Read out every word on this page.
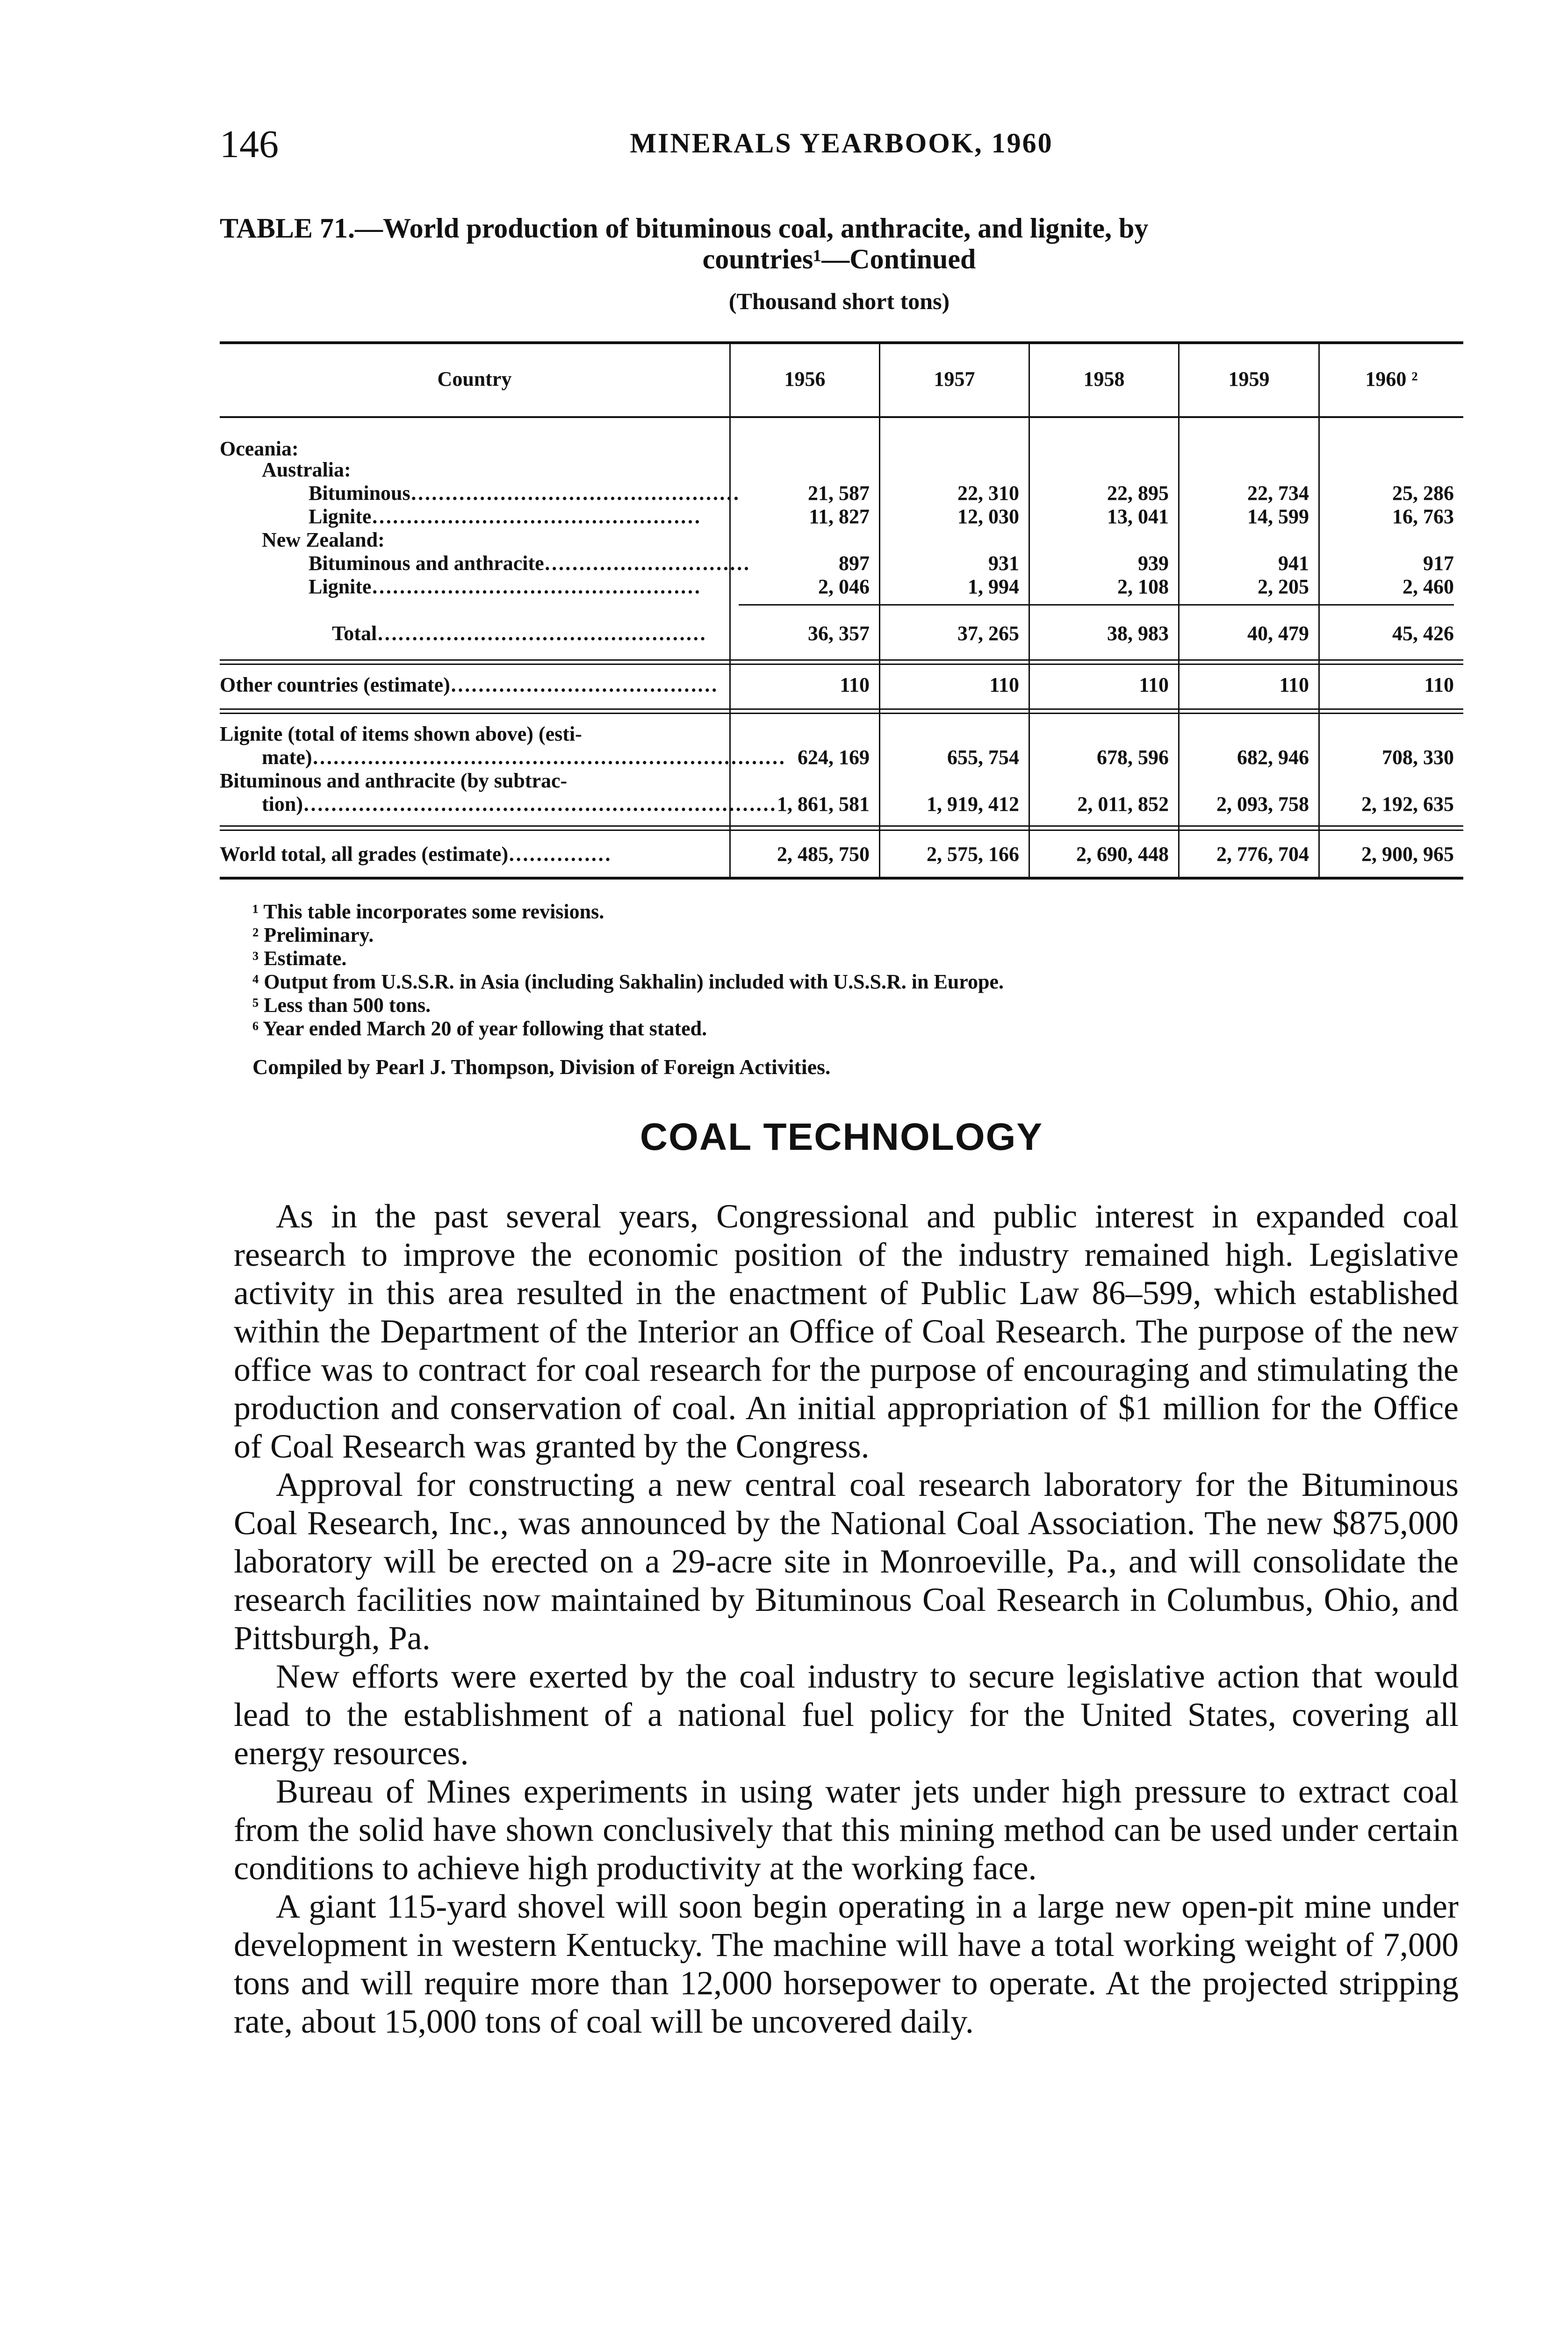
146	MINERALS YEARBOOK, 1960
TABLE 71.—World production of bituminous coal, anthracite, and lignite, by
countries¹—Continued
(Thousand short tons)
Country	1956	1957	1958	1959	1960 ²
Oceania:
Australia:
Bituminous…………………………………………	21, 587	22, 310	22, 895	22, 734	25, 286
Lignite…………………………………………	11, 827	12, 030	13, 041	14, 599	16, 763
New Zealand:
Bituminous and anthracite…………………………	897	931	939	941	917
Lignite…………………………………………	2, 046	1, 994	2, 108	2, 205	2, 460
Total…………………………………………	36, 357	37, 265	38, 983	40, 479	45, 426
Other countries (estimate)…………………………………	110	110	110	110	110
Lignite (total of items shown above) (esti-
mate)…………………………………………………………… 624, 169	655, 754	678, 596	682, 946	708, 330
Bituminous and anthracite (by subtrac-
tion)…………………………………………………………… 1, 861, 581	1, 919, 412	2, 011, 852	2, 093, 758	2, 192, 635
World total, all grades (estimate)……………	2, 485, 750	2, 575, 166	2, 690, 448	2, 776, 704	2, 900, 965
¹ This table incorporates some revisions.
² Preliminary.
³ Estimate.
⁴ Output from U.S.S.R. in Asia (including Sakhalin) included with U.S.S.R. in Europe.
⁵ Less than 500 tons.
⁶ Year ended March 20 of year following that stated.
Compiled by Pearl J. Thompson, Division of Foreign Activities.
COAL TECHNOLOGY

As in the past several years, Congressional and public interest in expanded coal research to improve the economic position of the industry remained high. Legislative activity in this area resulted in the enactment of Public Law 86–599, which established within the Department of the Interior an Office of Coal Research. The purpose of the new office was to contract for coal research for the purpose of encouraging and stimulating the production and conservation of coal. An initial appropriation of $1 million for the Office of Coal Research was granted by the Congress.

Approval for constructing a new central coal research laboratory for the Bituminous Coal Research, Inc., was announced by the National Coal Association. The new $875,000 laboratory will be erected on a 29-acre site in Monroeville, Pa., and will consolidate the research facilities now maintained by Bituminous Coal Research in Columbus, Ohio, and Pittsburgh, Pa.

New efforts were exerted by the coal industry to secure legislative action that would lead to the establishment of a national fuel policy for the United States, covering all energy resources.

Bureau of Mines experiments in using water jets under high pressure to extract coal from the solid have shown conclusively that this mining method can be used under certain conditions to achieve high productivity at the working face.

A giant 115-yard shovel will soon begin operating in a large new open-pit mine under development in western Kentucky. The machine will have a total working weight of 7,000 tons and will require more than 12,000 horsepower to operate. At the projected stripping rate, about 15,000 tons of coal will be uncovered daily.
